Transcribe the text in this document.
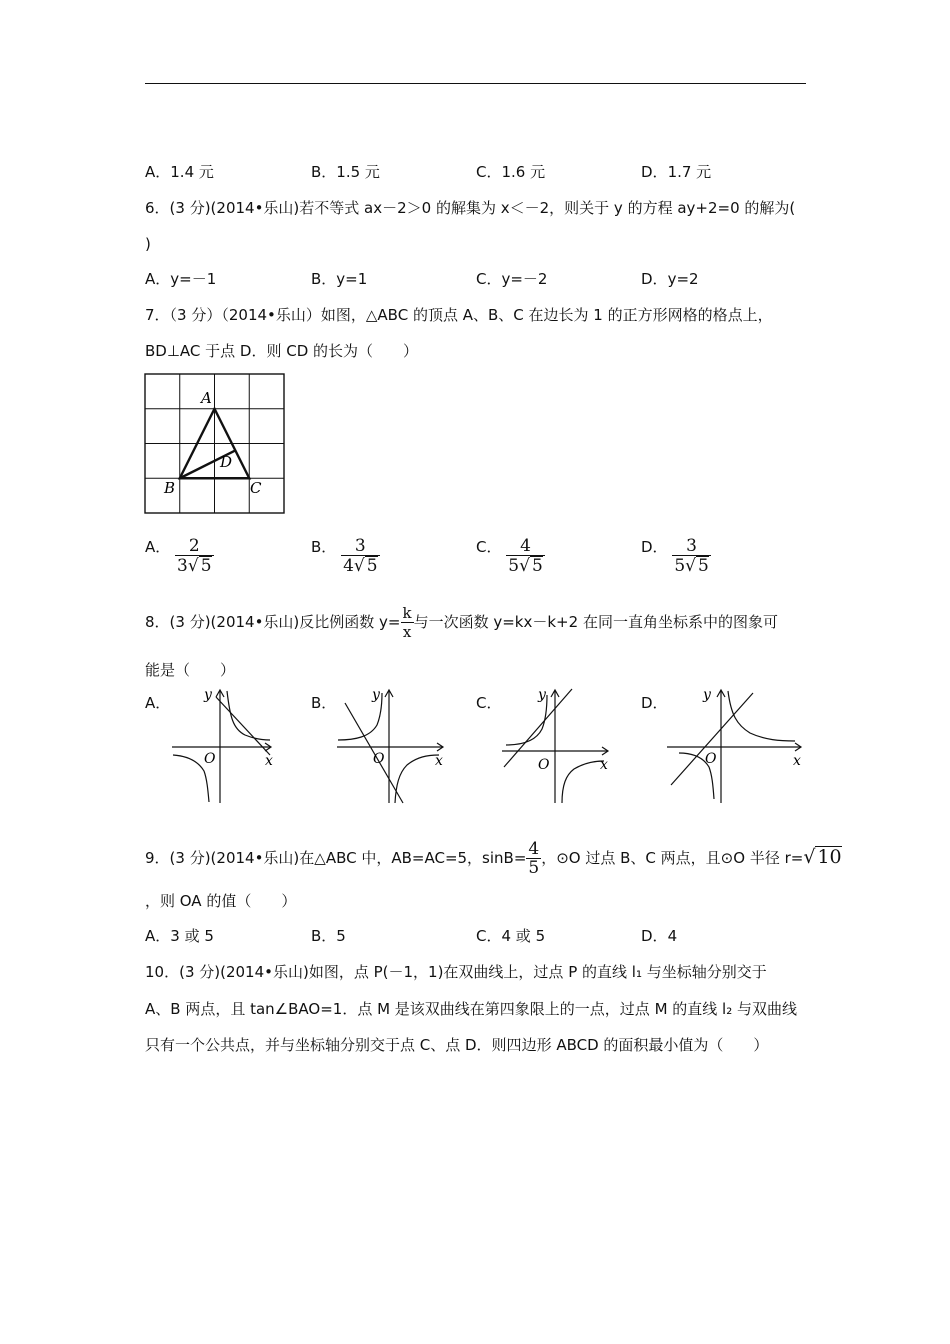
A．1.4 元	B．1.5 元	C．1.6 元	D．1.7 元
6．(3 分)(2014•乐山)若不等式 ax－2＞0 的解集为 x＜－2，则关于 y 的方程 ay+2=0 的解为(
)
A．y=－1	B．y=1	C．y=－2	D．y=2
7．（3 分）（2014•乐山）如图，△ABC 的顶点 A、B、C 在边长为 1 的正方形网格的格点上，
BD⊥AC 于点 D．则 CD 的长为（　　）
A
B	C
D
A． $\frac{2}{3√ 5}$	B． $\frac{3}{4√ 5}$	C． $\frac{4}{5√ 5}$	D． $\frac{3}{5√ 5}$
8．(3 分)(2014•乐山)反比例函数 $y= \frac{k}{x}$ 与一次函数 y=kx－k+2 在同一直角坐标系中的图象可
能是（　　）
A．	B．	C．	D．
y
x
O
y
x
O
y
x
O
y
x
O
9．(3 分)(2014•乐山)在△ABC 中，AB=AC=5，$\sin B= \frac{4}{5}$ ，⊙O 过点 B、C 两点，且⊙O 半径 r=√ 10
，则 OA 的值（　　）
A．3 或 5	B．5	C．4 或 5	D．4
10．(3 分)(2014•乐山)如图，点 P(－1，1)在双曲线上，过点 P 的直线 l₁ 与坐标轴分别交于
A、B 两点，且 tan∠BAO=1．点 M 是该双曲线在第四象限上的一点，过点 M 的直线 l₂ 与双曲线
只有一个公共点，并与坐标轴分别交于点 C、点 D．则四边形 ABCD 的面积最小值为（　　）
